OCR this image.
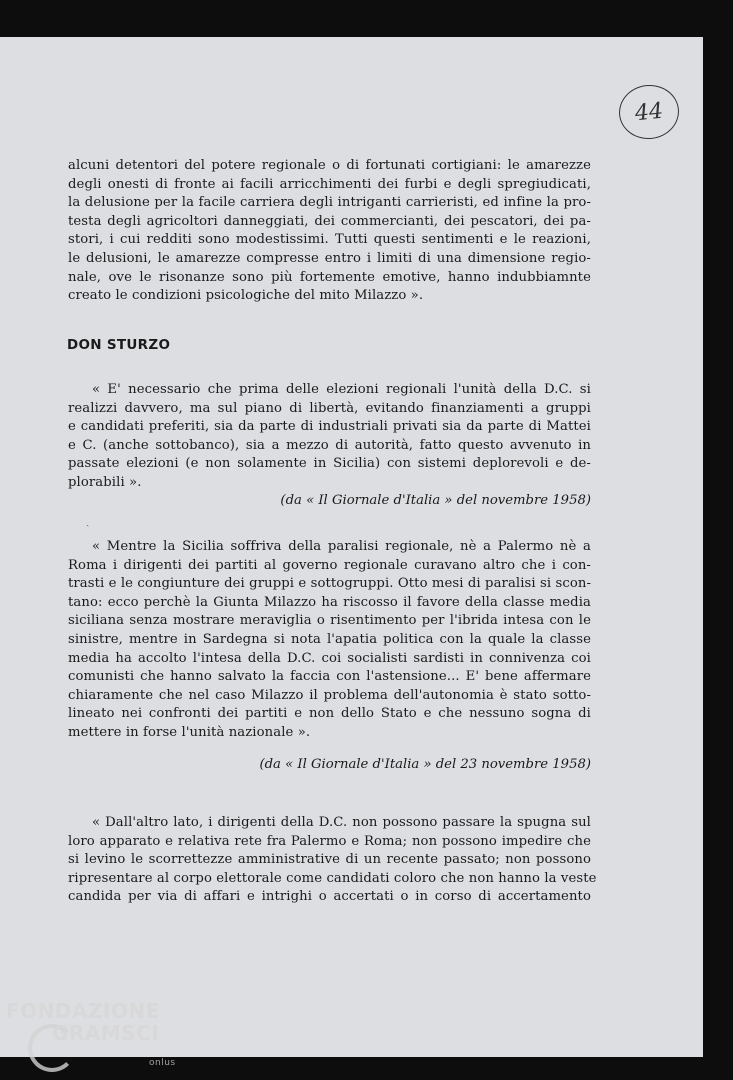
44
alcuni detentori del potere regionale o di fortunati cortigiani: le amarezze
degli onesti di fronte ai facili arricchimenti dei furbi e degli spregiudicati,
la delusione per la facile carriera degli intriganti carrieristi, ed infine la pro-
testa degli agricoltori danneggiati, dei commercianti, dei pescatori, dei pa-
stori, i cui redditi sono modestissimi. Tutti questi sentimenti e le reazioni,
le delusioni, le amarezze compresse entro i limiti di una dimensione regio-
nale, ove le risonanze sono più fortemente emotive, hanno indubbiamnte
creato le condizioni psicologiche del mito Milazzo ».
DON STURZO
« E' necessario che prima delle elezioni regionali l'unità della D.C. si
realizzi davvero, ma sul piano di libertà, evitando finanziamenti a gruppi
e candidati preferiti, sia da parte di industriali privati sia da parte di Mattei
e C. (anche sottobanco), sia a mezzo di autorità, fatto questo avvenuto in
passate elezioni (e non solamente in Sicilia) con sistemi deplorevoli e de-
plorabili ».
(da « Il Giornale d'Italia » del novembre 1958)
ˎ
« Mentre la Sicilia soffriva della paralisi regionale, nè a Palermo nè a
Roma i dirigenti dei partiti al governo regionale curavano altro che i con-
trasti e le congiunture dei gruppi e sottogruppi. Otto mesi di paralisi si scon-
tano: ecco perchè la Giunta Milazzo ha riscosso il favore della classe media
siciliana senza mostrare meraviglia o risentimento per l'ibrida intesa con le
sinistre, mentre in Sardegna si nota l'apatia politica con la quale la classe
media ha accolto l'intesa della D.C. coi socialisti sardisti in connivenza coi
comunisti che hanno salvato la faccia con l'astensione... E' bene affermare
chiaramente che nel caso Milazzo il problema dell'autonomia è stato sotto-
lineato nei confronti dei partiti e non dello Stato e che nessuno sogna di
mettere in forse l'unità nazionale ».
(da « Il Giornale d'Italia » del 23 novembre 1958)
« Dall'altro lato, i dirigenti della D.C. non possono passare la spugna sul
loro apparato e relativa rete fra Palermo e Roma; non possono impedire che
si levino le scorrettezze amministrative di un recente passato; non possono
ripresentare al corpo elettorale come candidati coloro che non hanno la veste
candida per via di affari e intrighi o accertati o in corso di accertamento
FONDAZIONE
GRAMSCI
onlus
